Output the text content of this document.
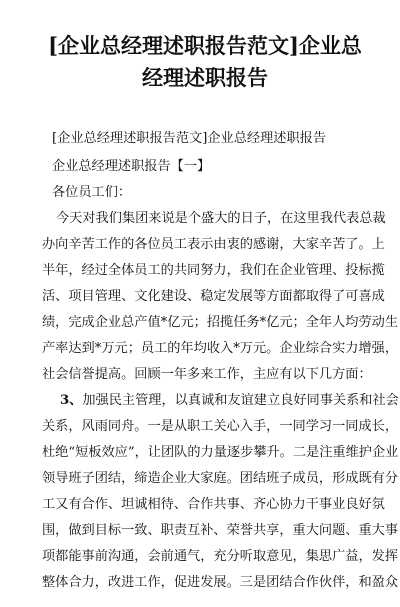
[企业总经理述职报告范文]企业总
经理述职报告

[企业总经理述职报告范文]企业总经理述职报告

企业总经理述职报告【一】

各位员工们：

今天对我们集团来说是个盛大的日子，在这里我代表总裁

办向辛苦工作的各位员工表示由衷的感谢，大家辛苦了。上

半年，经过全体员工的共同努力，我们在企业管理、投标揽

活、项目管理、文化建设、稳定发展等方面都取得了可喜成

绩，完成企业总产值*亿元；招揽任务*亿元；全年人均劳动生

产率达到*万元；员工的年均收入*万元。企业综合实力增强，

社会信誉提高。回顾一年多来工作，主应有以下几方面：

3、加强民主管理，以真诚和友谊建立良好同事关系和社会

关系，风雨同舟。一是从职工关心入手，一同学习一同成长，

杜绝“短板效应”，让团队的力量逐步攀升。二是注重维护企业

领导班子团结，缔造企业大家庭。团结班子成员，形成既有分

工又有合作、坦诚相待、合作共事、齐心协力干事业良好氛

围，做到目标一致、职责互补、荣誉共享，重大问题、重大事

项都能事前沟通，会前通气，充分听取意见，集思广益，发挥

整体合力，改进工作，促进发展。三是团结合作伙伴，和盈众
